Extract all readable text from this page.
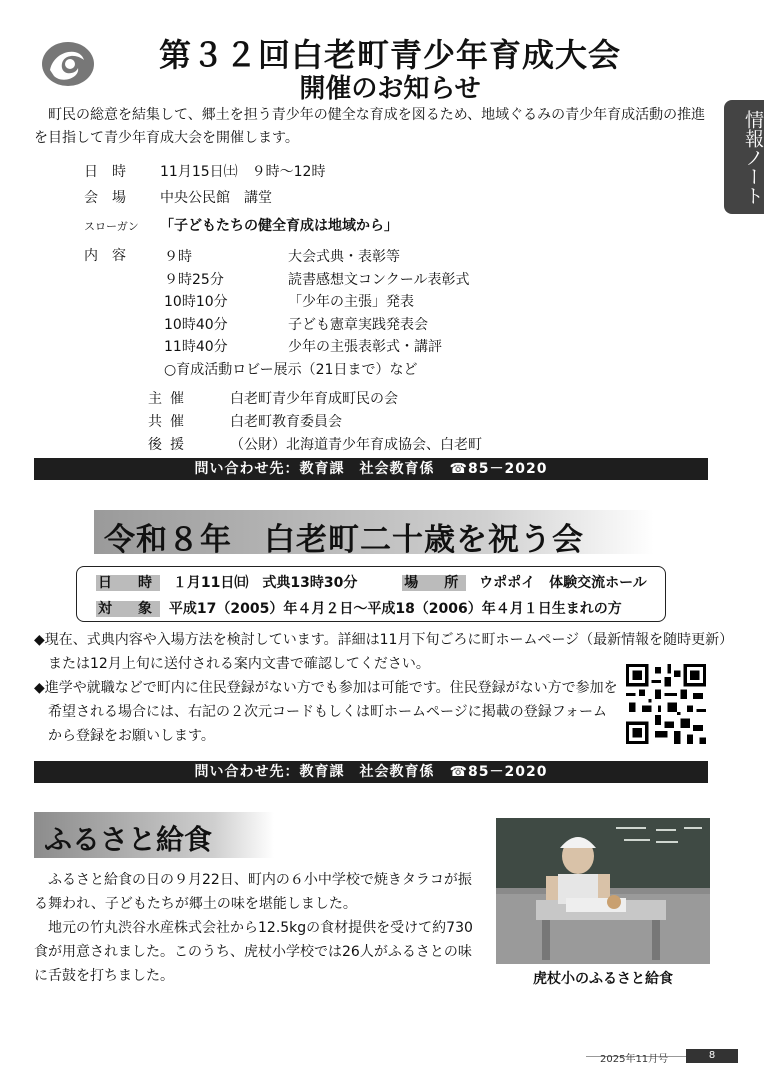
第３２回白老町青少年育成大会
開催のお知らせ
情報ノート
町民の総意を結集して、郷土を担う青少年の健全な育成を図るため、地域ぐるみの青少年育成活動の推進を目指して青少年育成大会を開催します。
日　時 11月15日㈯　９時～12時
会　場 中央公民館　講堂
スローガン 「子どもたちの健全育成は地域から」
内　容	９時	大会式典・表彰等
９時25分	読書感想文コンクール表彰式
10時10分	「少年の主張」発表
10時40分	子ども憲章実践発表会
11時40分	少年の主張表彰式・講評
○育成活動ロビー展示（21日まで）など
主催	白老町青少年育成町民の会
共催	白老町教育委員会
後援	（公財）北海道青少年育成協会、白老町
問い合わせ先：教育課　社会教育係　☎85－2020
令和８年　白老町二十歳を祝う会
日　時 １月11日㈰　式典13時30分	場　所 ウポポイ　体験交流ホール
対　象 平成17（2005）年４月２日～平成18（2006）年４月１日生まれの方

◆現在、式典内容や入場方法を検討しています。詳細は11月下旬ごろに町ホームページ（最新情報を随時更新）または12月上旬に送付される案内文書で確認してください。

◆進学や就職などで町内に住民登録がない方でも参加は可能です。住民登録がない方で参加を希望される場合には、右記の２次元コードもしくは町ホームページに掲載の登録フォームから登録をお願いします。

問い合わせ先：教育課　社会教育係　☎85－2020
ふるさと給食

ふるさと給食の日の９月22日、町内の６小中学校で焼きタラコが振る舞われ、子どもたちが郷土の味を堪能しました。

地元の竹丸渋谷水産株式会社から12.5kgの食材提供を受けて約730食が用意されました。このうち、虎杖小学校では26人がふるさとの味に舌鼓を打ちました。	虎杖小のふるさと給食
2025年11月号	8
